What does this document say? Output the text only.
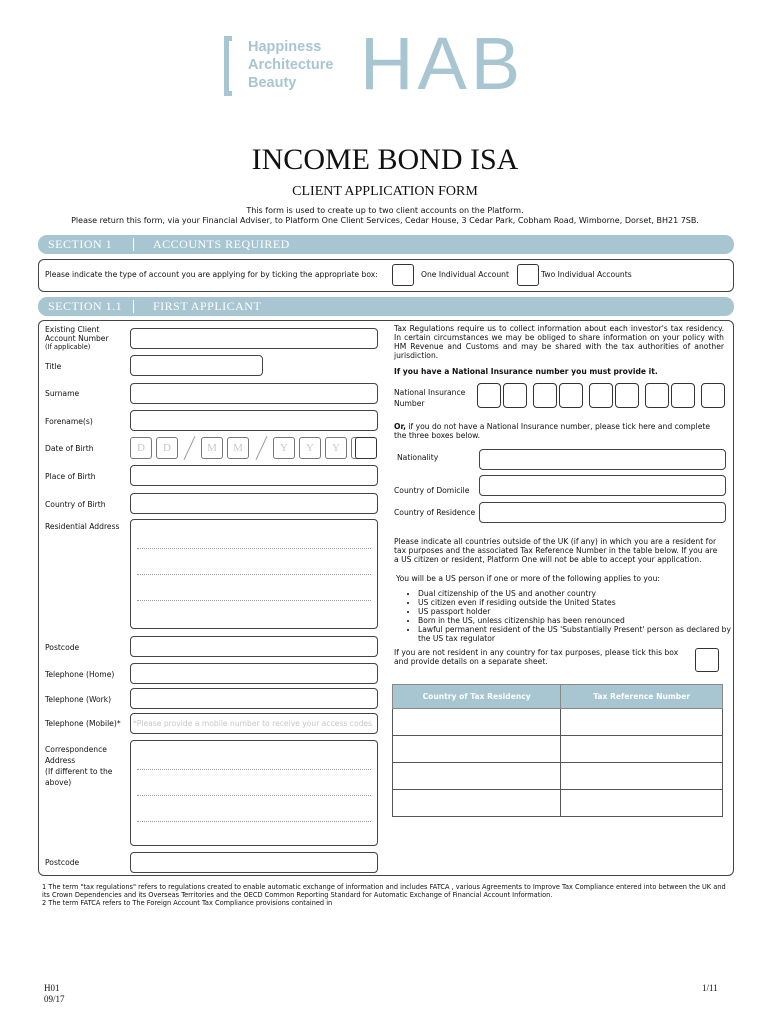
Happiness
Architecture
Beauty HAB
INCOME BOND ISA
CLIENT APPLICATION FORM
This form is used to create up to two client accounts on the Platform.
Please return this form, via your Financial Adviser, to Platform One Client Services, Cedar House, 3 Cedar Park, Cobham Road, Wimborne, Dorset, BH21 7SB.
SECTION 1	ACCOUNTS REQUIRED
Please indicate the type of account you are applying for by ticking the appropriate box:	One Individual Account	Two Individual Accounts
SECTION 1.1	FIRST APPLICANT
Existing Client
Account Number
(If applicable)
Title
Surname
Forename(s)
Date of Birth	D	D	M	M	Y	Y	Y
Place of Birth
Country of Birth
Residential Address
Postcode
Telephone (Home)
Telephone (Work)
Telephone (Mobile)* *Please provide a mobile number to receive your access codes
Correspondence
Address
(If different to the
above)
Postcode
Tax Regulations require us to collect information about each investor's tax residency. In certain circumstances we may be obliged to share information on your policy with HM Revenue and Customs and may be shared with the tax authorities of another jurisdiction.
If you have a National Insurance number you must provide it.
National Insurance
Number
Or, if you do not have a National Insurance number, please tick here and complete the three boxes below.
Nationality
Country of Domicile
Country of Residence
Please indicate all countries outside of the UK (if any) in which you are a resident for tax purposes and the associated Tax Reference Number in the table below. If you are a US citizen or resident, Platform One will not be able to accept your application.
You will be a US person if one or more of the following applies to you:
• Dual citizenship of the US and another country
• US citizen even if residing outside the United States
• US passport holder
• Born in the US, unless citizenship has been renounced
• Lawful permanent resident of the US 'Substantially Present' person as declared by the US tax regulator
If you are not resident in any country for tax purposes, please tick this box and provide details on a separate sheet.
Country of Tax Residency	Tax Reference Number

1 The term "tax regulations" refers to regulations created to enable automatic exchange of information and includes FATCA , various Agreements to Improve Tax Compliance entered into between the UK and its Crown Dependencies and its Overseas Territories and the OECD Common Reporting Standard for Automatic Exchange of Financial Account Information.
2 The term FATCA refers to The Foreign Account Tax Compliance provisions contained in
H01
09/17
1/11
